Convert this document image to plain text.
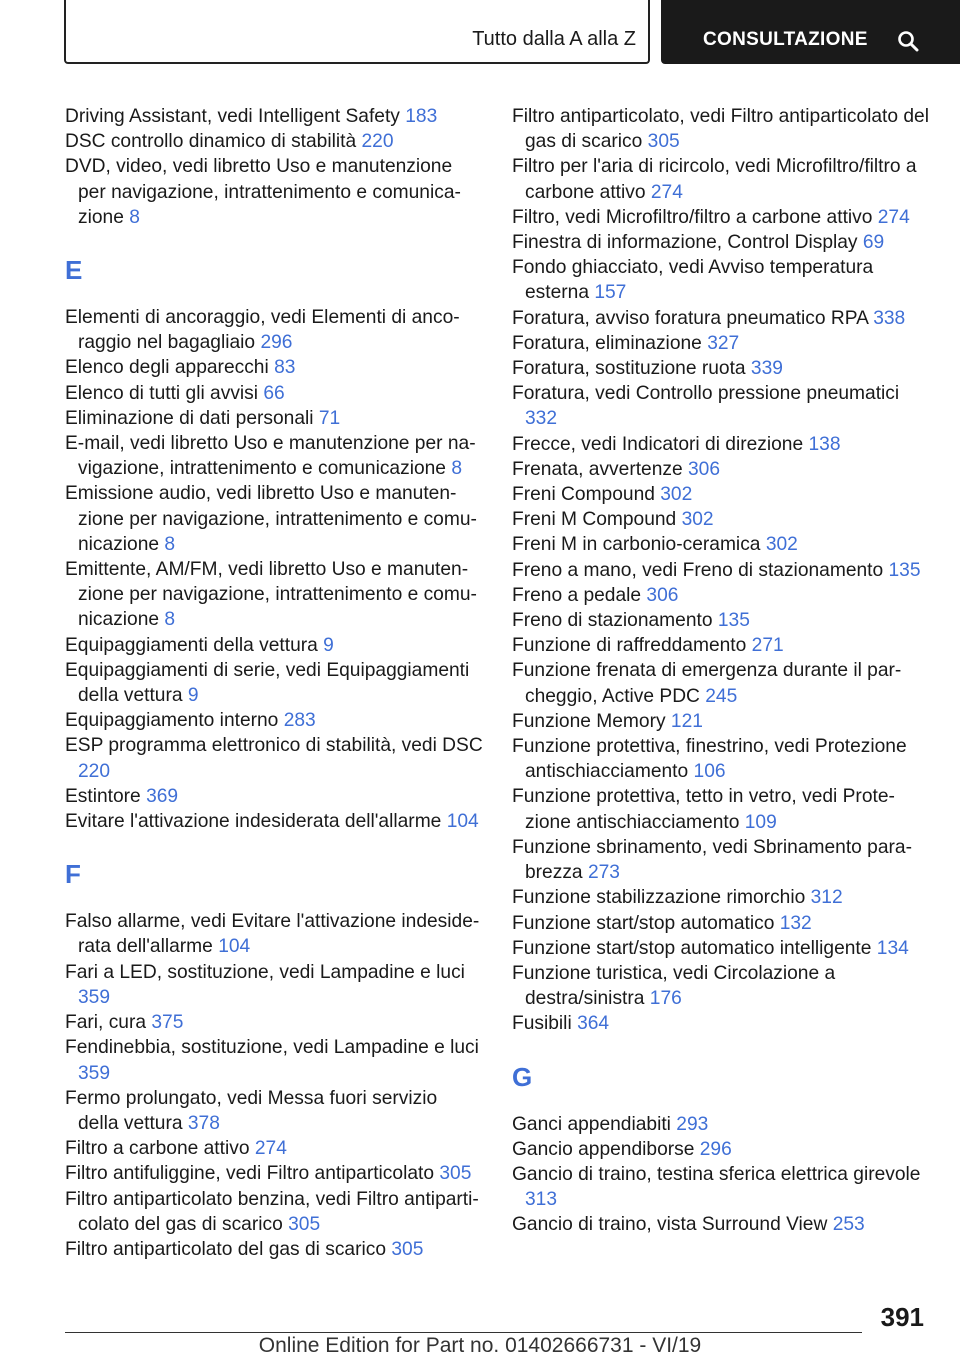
Tutto dalla A alla Z	CONSULTAZIONE
Driving Assistant, vedi Intelligent Safety 183
DSC controllo dinamico di stabilità 220
DVD, video, vedi libretto Uso e manutenzione per navigazione, intrattenimento e comunicazione 8
E
Elementi di ancoraggio, vedi Elementi di ancoraggio nel bagagliaio 296
Elenco degli apparecchi 83
Elenco di tutti gli avvisi 66
Eliminazione di dati personali 71
E-mail, vedi libretto Uso e manutenzione per navigazione, intrattenimento e comunicazione 8
Emissione audio, vedi libretto Uso e manutenzione per navigazione, intrattenimento e comunicazione 8
Emittente, AM/FM, vedi libretto Uso e manutenzione per navigazione, intrattenimento e comunicazione 8
Equipaggiamenti della vettura 9
Equipaggiamenti di serie, vedi Equipaggiamenti della vettura 9
Equipaggiamento interno 283
ESP programma elettronico di stabilità, vedi DSC 220
Estintore 369
Evitare l'attivazione indesiderata dell'allarme 104
F
Falso allarme, vedi Evitare l'attivazione indesiderata dell'allarme 104
Fari a LED, sostituzione, vedi Lampadine e luci 359
Fari, cura 375
Fendinebbia, sostituzione, vedi Lampadine e luci 359
Fermo prolungato, vedi Messa fuori servizio della vettura 378
Filtro a carbone attivo 274
Filtro antifuliggine, vedi Filtro antiparticolato 305
Filtro antiparticolato benzina, vedi Filtro antiparticolato del gas di scarico 305
Filtro antiparticolato del gas di scarico 305
Filtro antiparticolato, vedi Filtro antiparticolato del gas di scarico 305
Filtro per l'aria di ricircolo, vedi Microfiltro/filtro a carbone attivo 274
Filtro, vedi Microfiltro/filtro a carbone attivo 274
Finestra di informazione, Control Display 69
Fondo ghiacciato, vedi Avviso temperatura esterna 157
Foratura, avviso foratura pneumatico RPA 338
Foratura, eliminazione 327
Foratura, sostituzione ruota 339
Foratura, vedi Controllo pressione pneumatici 332
Frecce, vedi Indicatori di direzione 138
Frenata, avvertenze 306
Freni Compound 302
Freni M Compound 302
Freni M in carbonio-ceramica 302
Freno a mano, vedi Freno di stazionamento 135
Freno a pedale 306
Freno di stazionamento 135
Funzione di raffreddamento 271
Funzione frenata di emergenza durante il parcheggio, Active PDC 245
Funzione Memory 121
Funzione protettiva, finestrino, vedi Protezione antischiacciamento 106
Funzione protettiva, tetto in vetro, vedi Protezione antischiacciamento 109
Funzione sbrinamento, vedi Sbrinamento parabrezza 273
Funzione stabilizzazione rimorchio 312
Funzione start/stop automatico 132
Funzione start/stop automatico intelligente 134
Funzione turistica, vedi Circolazione a destra/sinistra 176
Fusibili 364
G
Ganci appendiabiti 293
Gancio appendiborse 296
Gancio di traino, testina sferica elettrica girevole 313
Gancio di traino, vista Surround View 253
391
Online Edition for Part no. 01402666731 - VI/19
